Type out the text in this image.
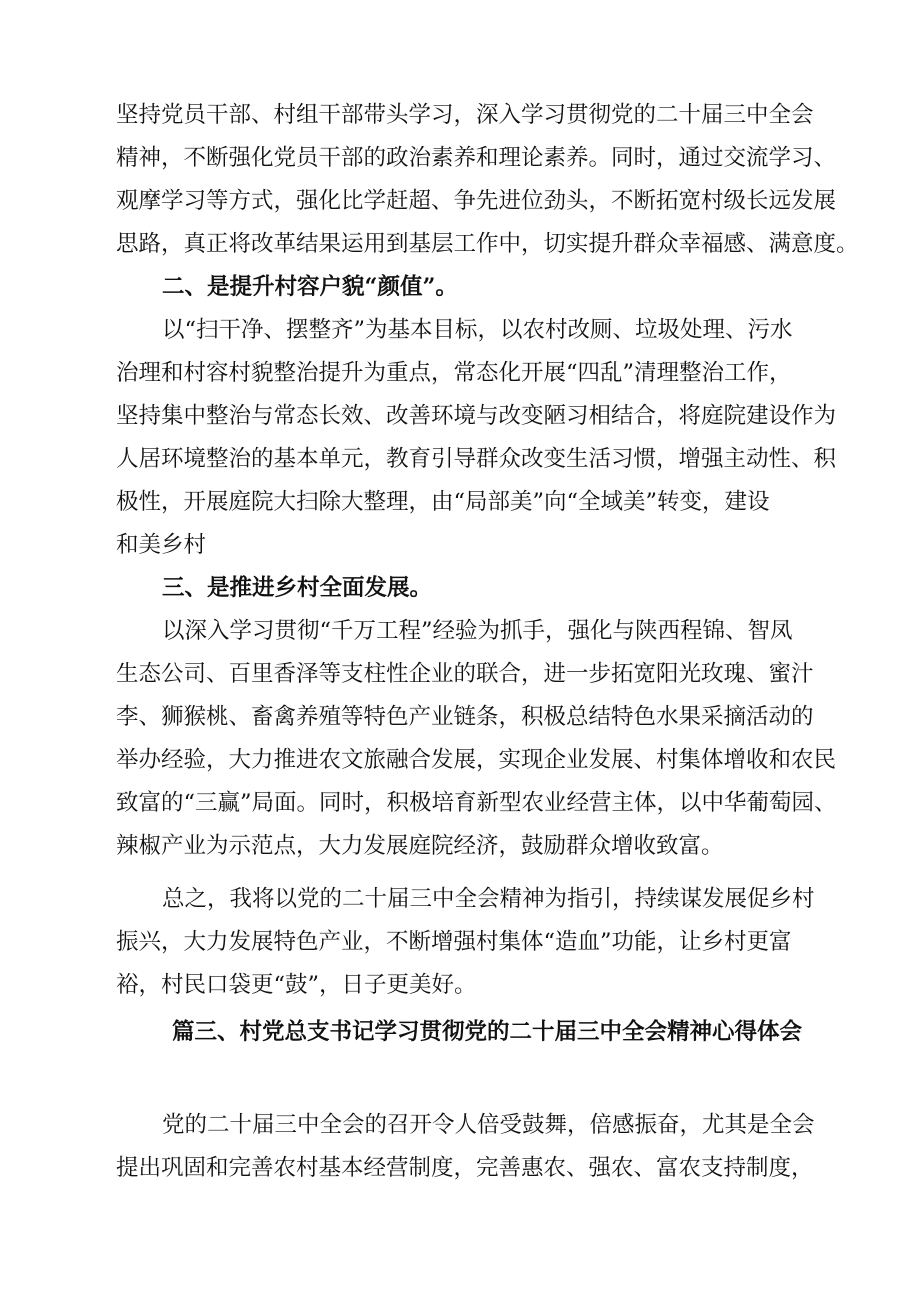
坚持党员干部、村组干部带头学习，深入学习贯彻党的二十届三中全会
精神，不断强化党员干部的政治素养和理论素养。同时，通过交流学习、
观摩学习等方式，强化比学赶超、争先进位劲头，不断拓宽村级长远发展
思路，真正将改革结果运用到基层工作中，切实提升群众幸福感、满意度。
二、是提升村容户貌“颜值”。
以“扫干净、摆整齐”为基本目标，以农村改厕、垃圾处理、污水
治理和村容村貌整治提升为重点，常态化开展“四乱”清理整治工作，
坚持集中整治与常态长效、改善环境与改变陋习相结合，将庭院建设作为
人居环境整治的基本单元，教育引导群众改变生活习惯，增强主动性、积
极性，开展庭院大扫除大整理，由“局部美”向“全域美”转变，建设
和美乡村
三、是推进乡村全面发展。
以深入学习贯彻“千万工程”经验为抓手，强化与陕西程锦、智凤
生态公司、百里香泽等支柱性企业的联合，进一步拓宽阳光玫瑰、蜜汁
李、狮猴桃、畜禽养殖等特色产业链条，积极总结特色水果采摘活动的
举办经验，大力推进农文旅融合发展，实现企业发展、村集体增收和农民
致富的“三赢”局面。同时，积极培育新型农业经营主体，以中华葡萄园、
辣椒产业为示范点，大力发展庭院经济，鼓励群众增收致富。
总之，我将以党的二十届三中全会精神为指引，持续谋发展促乡村
振兴，大力发展特色产业，不断增强村集体“造血”功能，让乡村更富
裕，村民口袋更“鼓”，日子更美好。
篇三、村党总支书记学习贯彻党的二十届三中全会精神心得体会
党的二十届三中全会的召开令人倍受鼓舞，倍感振奋，尤其是全会
提出巩固和完善农村基本经营制度，完善惠农、强农、富农支持制度，
